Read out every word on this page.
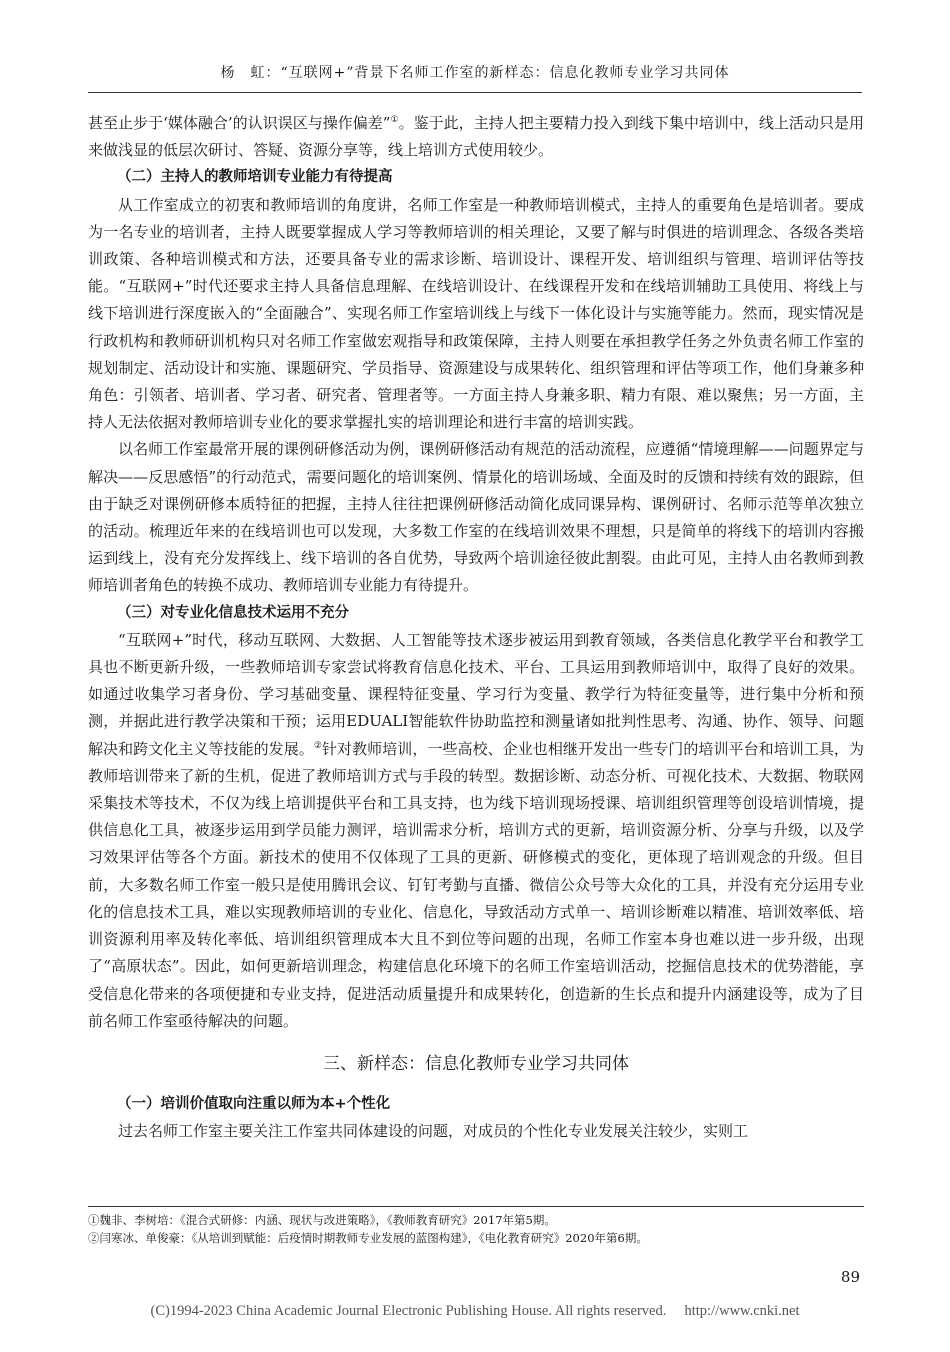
杨　虹：“互联网+”背景下名师工作室的新样态：信息化教师专业学习共同体

甚至止步于‘媒体融合’的认识误区与操作偏差”①。鉴于此，主持人把主要精力投入到线下集中培训中，线上活动只是用来做浅显的低层次研讨、答疑、资源分享等，线上培训方式使用较少。

（二）主持人的教师培训专业能力有待提高

从工作室成立的初衷和教师培训的角度讲，名师工作室是一种教师培训模式，主持人的重要角色是培训者。要成为一名专业的培训者，主持人既要掌握成人学习等教师培训的相关理论，又要了解与时俱进的培训理念、各级各类培训政策、各种培训模式和方法，还要具备专业的需求诊断、培训设计、课程开发、培训组织与管理、培训评估等技能。“互联网+”时代还要求主持人具备信息理解、在线培训设计、在线课程开发和在线培训辅助工具使用、将线上与线下培训进行深度嵌入的“全面融合”、实现名师工作室培训线上与线下一体化设计与实施等能力。然而，现实情况是行政机构和教师研训机构只对名师工作室做宏观指导和政策保障，主持人则要在承担教学任务之外负责名师工作室的规划制定、活动设计和实施、课题研究、学员指导、资源建设与成果转化、组织管理和评估等项工作，他们身兼多种角色：引领者、培训者、学习者、研究者、管理者等。一方面主持人身兼多职、精力有限、难以聚焦；另一方面，主持人无法依据对教师培训专业化的要求掌握扎实的培训理论和进行丰富的培训实践。

以名师工作室最常开展的课例研修活动为例，课例研修活动有规范的活动流程，应遵循“情境理解——问题界定与解决——反思感悟”的行动范式，需要问题化的培训案例、情景化的培训场域、全面及时的反馈和持续有效的跟踪，但由于缺乏对课例研修本质特征的把握，主持人往往把课例研修活动简化成同课异构、课例研讨、名师示范等单次独立的活动。梳理近年来的在线培训也可以发现，大多数工作室的在线培训效果不理想，只是简单的将线下的培训内容搬运到线上，没有充分发挥线上、线下培训的各自优势，导致两个培训途径彼此割裂。由此可见，主持人由名教师到教师培训者角色的转换不成功、教师培训专业能力有待提升。

（三）对专业化信息技术运用不充分

“互联网+”时代，移动互联网、大数据、人工智能等技术逐步被运用到教育领域，各类信息化教学平台和教学工具也不断更新升级，一些教师培训专家尝试将教育信息化技术、平台、工具运用到教师培训中，取得了良好的效果。如通过收集学习者身份、学习基础变量、课程特征变量、学习行为变量、教学行为特征变量等，进行集中分析和预测，并据此进行教学决策和干预；运用EDUALI智能软件协助监控和测量诸如批判性思考、沟通、协作、领导、问题解决和跨文化主义等技能的发展。②针对教师培训，一些高校、企业也相继开发出一些专门的培训平台和培训工具，为教师培训带来了新的生机，促进了教师培训方式与手段的转型。数据诊断、动态分析、可视化技术、大数据、物联网采集技术等技术，不仅为线上培训提供平台和工具支持，也为线下培训现场授课、培训组织管理等创设培训情境，提供信息化工具，被逐步运用到学员能力测评，培训需求分析，培训方式的更新，培训资源分析、分享与升级，以及学习效果评估等各个方面。新技术的使用不仅体现了工具的更新、研修模式的变化，更体现了培训观念的升级。但目前，大多数名师工作室一般只是使用腾讯会议、钉钉考勤与直播、微信公众号等大众化的工具，并没有充分运用专业化的信息技术工具，难以实现教师培训的专业化、信息化，导致活动方式单一、培训诊断难以精准、培训效率低、培训资源利用率及转化率低、培训组织管理成本大且不到位等问题的出现，名师工作室本身也难以进一步升级，出现了“高原状态”。因此，如何更新培训理念，构建信息化环境下的名师工作室培训活动，挖掘信息技术的优势潜能，享受信息化带来的各项便捷和专业支持，促进活动质量提升和成果转化，创造新的生长点和提升内涵建设等，成为了目前名师工作室亟待解决的问题。

三、新样态：信息化教师专业学习共同体
（一）培训价值取向注重以师为本+个性化

过去名师工作室主要关注工作室共同体建设的问题，对成员的个性化专业发展关注较少，实则工

①魏非、李树培：《混合式研修：内涵、现状与改进策略》，《教师教育研究》2017年第5期。
②闫寒冰、单俊豪：《从培训到赋能：后疫情时期教师专业发展的蓝图构建》，《电化教育研究》2020年第6期。
89
(C)1994-2023 China Academic Journal Electronic Publishing House. All rights reserved.　 http://www.cnki.net
